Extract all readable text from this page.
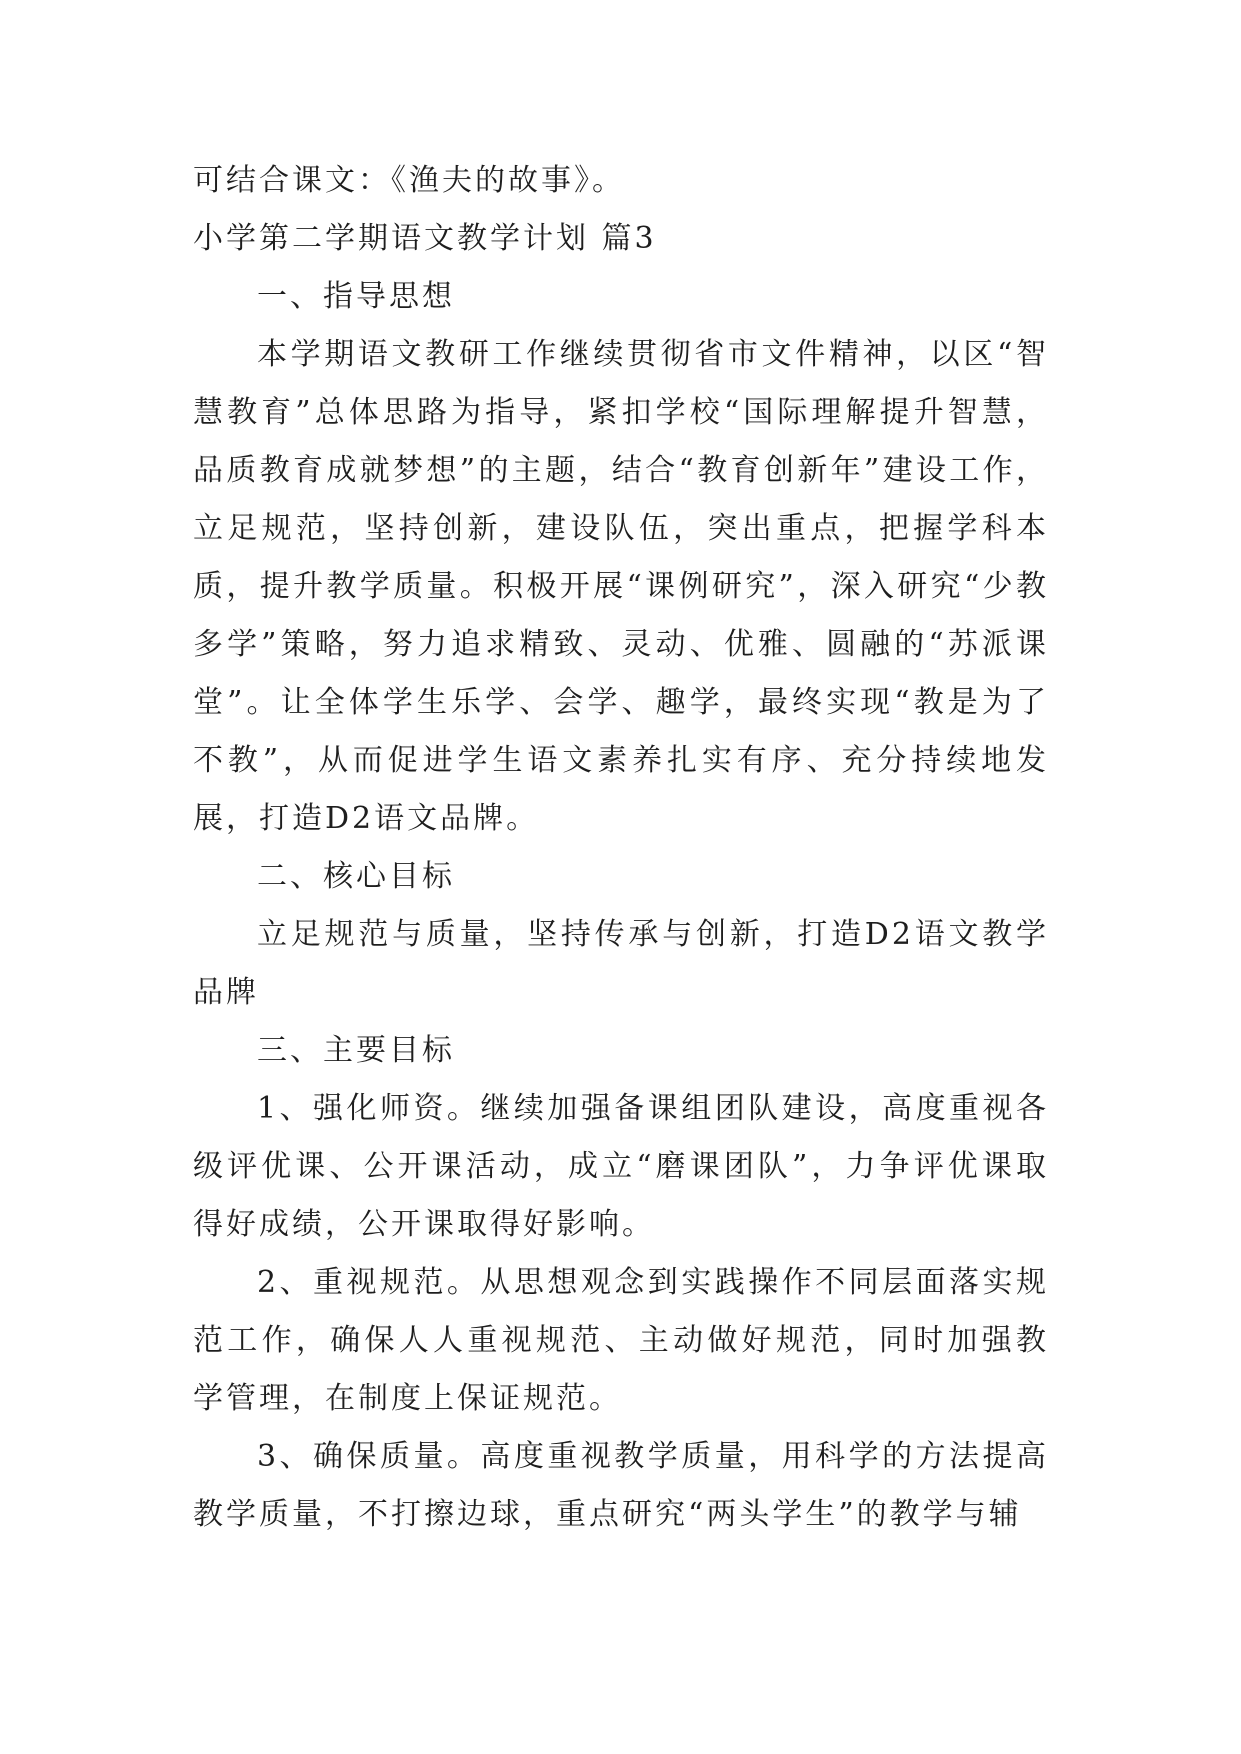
可结合课文：《渔夫的故事》。

小学第二学期语文教学计划 篇3

一、指导思想

本学期语文教研工作继续贯彻省市文件精神，以区“智慧教育”总体思路为指导，紧扣学校“国际理解提升智慧，品质教育成就梦想”的主题，结合“教育创新年”建设工作，立足规范，坚持创新，建设队伍，突出重点，把握学科本质，提升教学质量。积极开展“课例研究”，深入研究“少教多学”策略，努力追求精致、灵动、优雅、圆融的“苏派课堂”。让全体学生乐学、会学、趣学，最终实现“教是为了不教”，从而促进学生语文素养扎实有序、充分持续地发展，打造D2语文品牌。

二、核心目标

立足规范与质量，坚持传承与创新，打造D2语文教学品牌

三、主要目标

1、强化师资。继续加强备课组团队建设，高度重视各级评优课、公开课活动，成立“磨课团队”，力争评优课取得好成绩，公开课取得好影响。

2、重视规范。从思想观念到实践操作不同层面落实规范工作，确保人人重视规范、主动做好规范，同时加强教学管理，在制度上保证规范。

3、确保质量。高度重视教学质量，用科学的方法提高教学质量，不打擦边球，重点研究“两头学生”的教学与辅
